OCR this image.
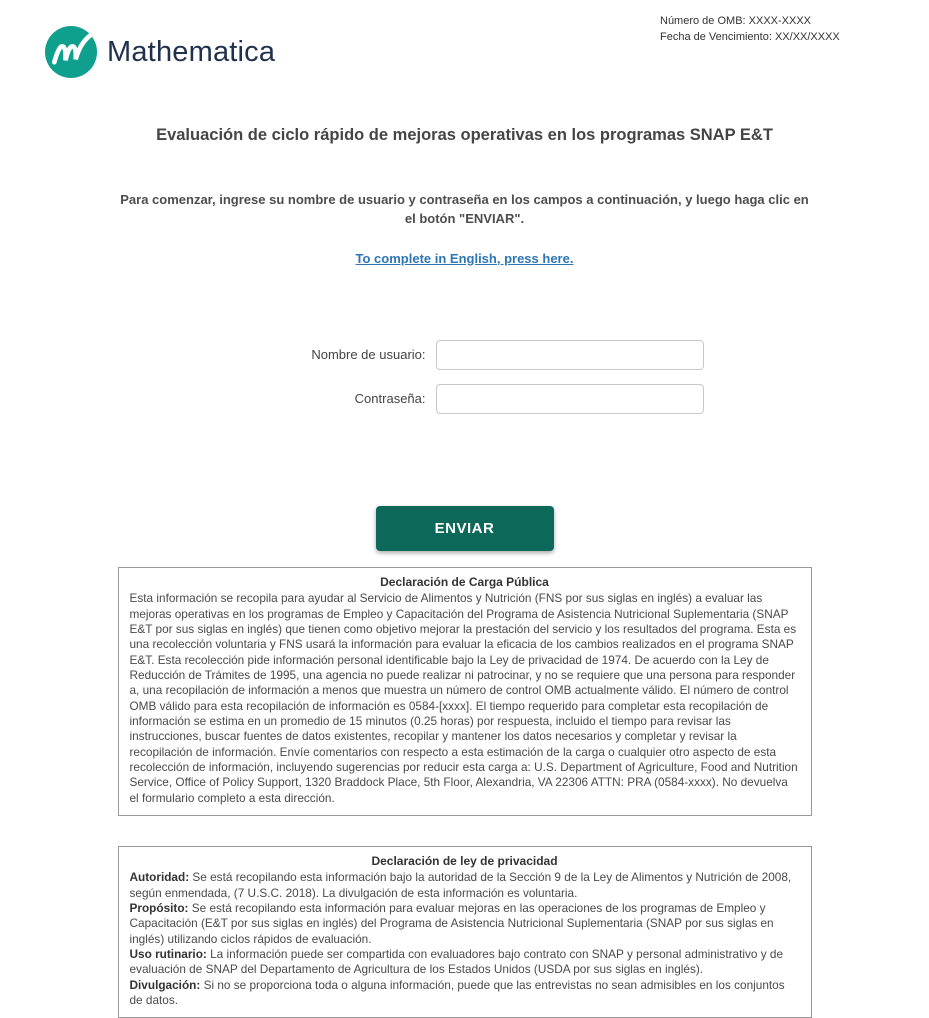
Mathematica
Número de OMB: XXXX-XXXX
Fecha de Vencimiento: XX/XX/XXXX
Evaluación de ciclo rápido de mejoras operativas en los programas SNAP E&T
Para comenzar, ingrese su nombre de usuario y contraseña en los campos a continuación, y luego haga clic en el botón "ENVIAR".
To complete in English, press here.
Nombre de usuario:
Contraseña:
ENVIAR
Declaración de Carga Pública
Esta información se recopila para ayudar al Servicio de Alimentos y Nutrición (FNS por sus siglas en inglés) a evaluar las mejoras operativas en los programas de Empleo y Capacitación del Programa de Asistencia Nutricional Suplementaria (SNAP E&T por sus siglas en inglés) que tienen como objetivo mejorar la prestación del servicio y los resultados del programa. Esta es una recolección voluntaria y FNS usará la información para evaluar la eficacia de los cambios realizados en el programa SNAP E&T. Esta recolección pide información personal identificable bajo la Ley de privacidad de 1974. De acuerdo con la Ley de Reducción de Trámites de 1995, una agencia no puede realizar ni patrocinar, y no se requiere que una persona para responder a, una recopilación de información a menos que muestra un número de control OMB actualmente válido. El número de control OMB válido para esta recopilación de información es 0584-[xxxx]. El tiempo requerido para completar esta recopilación de información se estima en un promedio de 15 minutos (0.25 horas) por respuesta, incluido el tiempo para revisar las instrucciones, buscar fuentes de datos existentes, recopilar y mantener los datos necesarios y completar y revisar la recopilación de información. Envíe comentarios con respecto a esta estimación de la carga o cualquier otro aspecto de esta recolección de información, incluyendo sugerencias por reducir esta carga a: U.S. Department of Agriculture, Food and Nutrition Service, Office of Policy Support, 1320 Braddock Place, 5th Floor, Alexandria, VA 22306 ATTN: PRA (0584-xxxx). No devuelva el formulario completo a esta dirección.
Declaración de ley de privacidad
Autoridad: Se está recopilando esta información bajo la autoridad de la Sección 9 de la Ley de Alimentos y Nutrición de 2008, según enmendada, (7 U.S.C. 2018). La divulgación de esta información es voluntaria.
Propósito: Se está recopilando esta información para evaluar mejoras en las operaciones de los programas de Empleo y Capacitación (E&T por sus siglas en inglés) del Programa de Asistencia Nutricional Suplementaria (SNAP por sus siglas en inglés) utilizando ciclos rápidos de evaluación.
Uso rutinario: La información puede ser compartida con evaluadores bajo contrato con SNAP y personal administrativo y de evaluación de SNAP del Departamento de Agricultura de los Estados Unidos (USDA por sus siglas en inglés).
Divulgación: Si no se proporciona toda o alguna información, puede que las entrevistas no sean admisibles en los conjuntos de datos.
